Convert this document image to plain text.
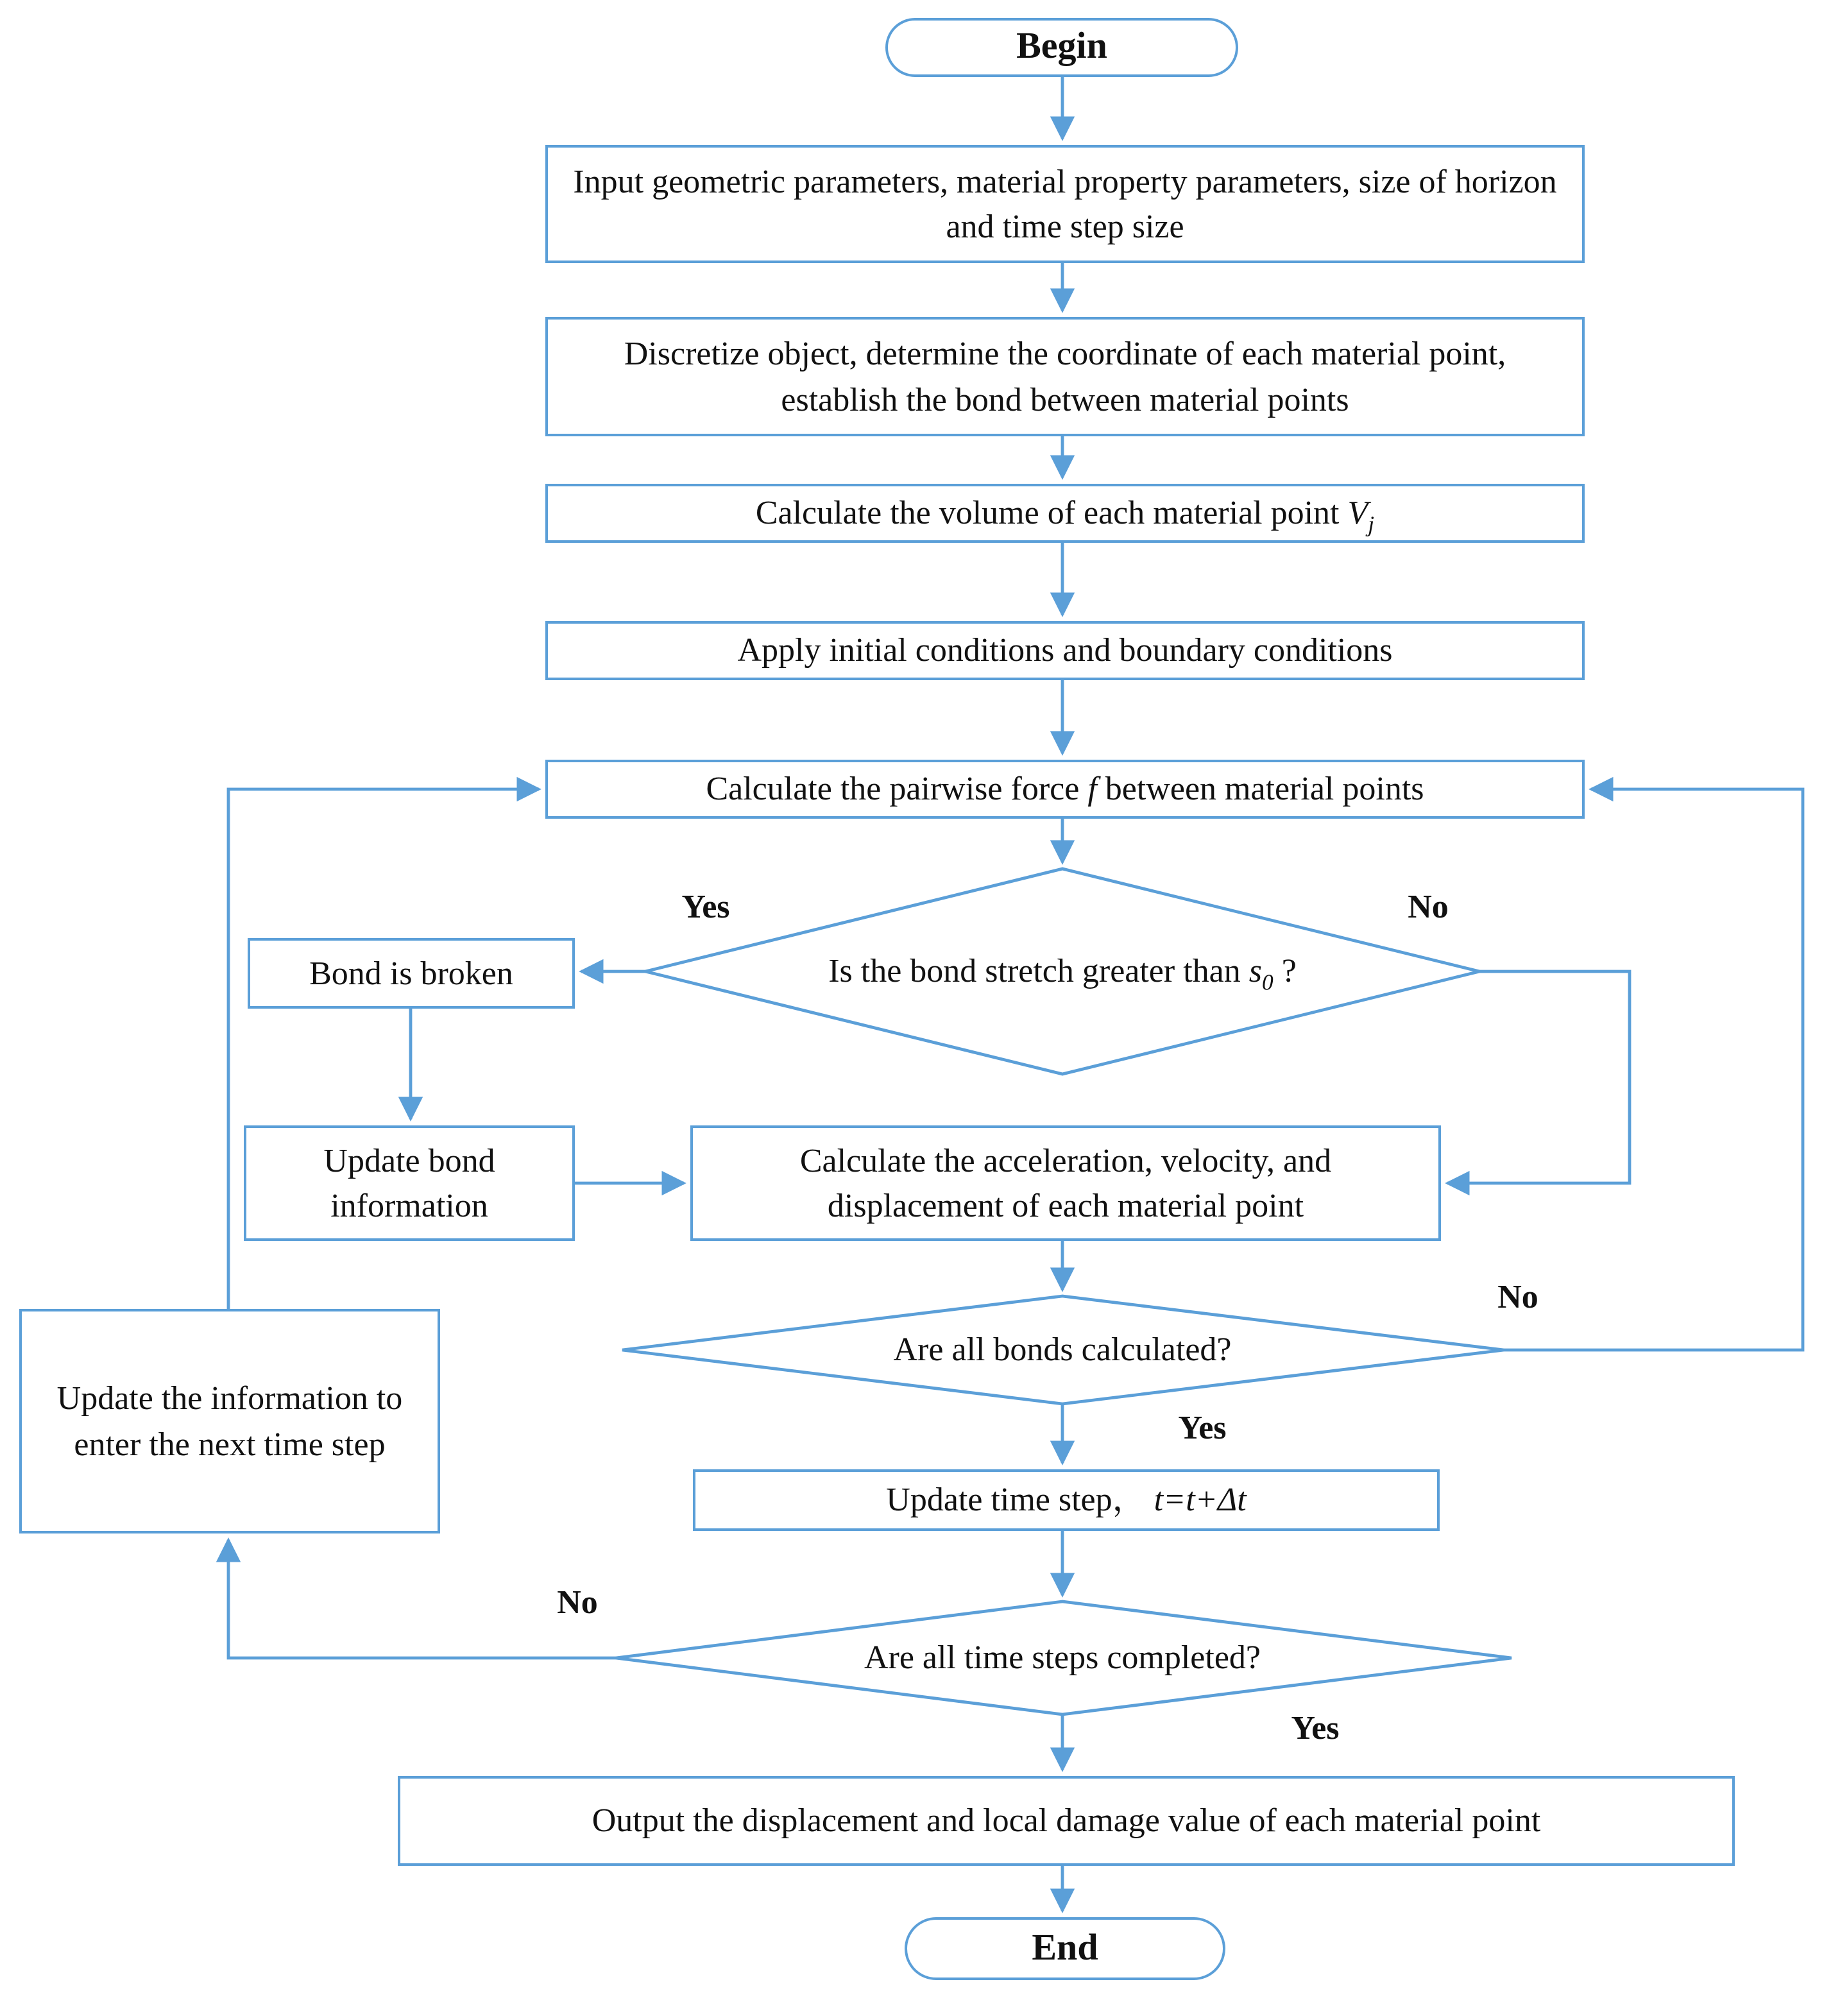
Begin
Input geometric parameters, material property parameters, size of horizon and time step size
Discretize object, determine the coordinate of each material point, establish the bond between material points
Calculate the volume of each material point $V_j$
Apply initial conditions and boundary conditions
Calculate the pairwise force f between material points
Is the bond stretch greater than $s_0$ ?
Bond is broken
Update bond information
Calculate the acceleration, velocity, and displacement of each material point
Are all bonds calculated?
Update time step， t=t+Δt
Are all time steps completed?
Update the information to enter the next time step
Output the displacement and local damage value of each material point
End
Yes	No
No
Yes
No
Yes
